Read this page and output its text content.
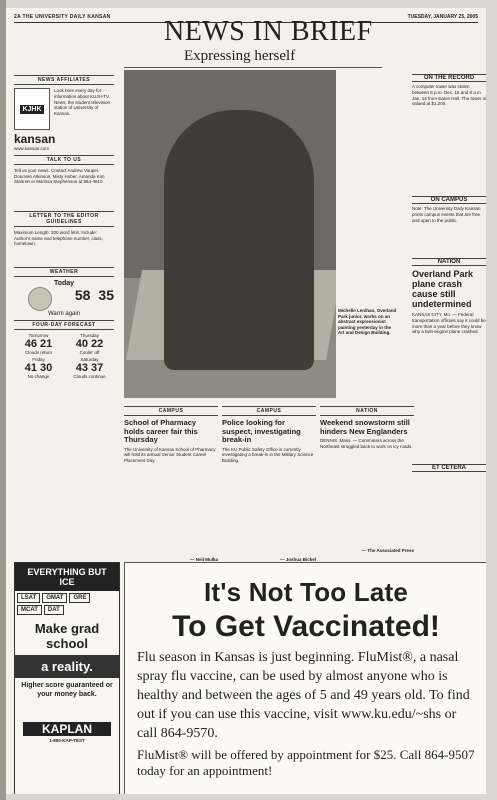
2A THE UNIVERSITY DAILY KANSAN	TUESDAY, JANUARY 25, 2005
NEWS IN BRIEF
Expressing herself
NEWS AFFILIATES
KJHK
Look here every day for information about KUJH-TV News, the student television station of University of Kansas.
kansan
www.kansan.com
TALK TO US
Tell us your news. Contact Andrew Vaupel, Donovan Atkinson, Misty Huber, Amanda Kim Stairrett or Marissa Stephenson at 864-4810.
LETTER TO THE EDITOR GUIDELINES
Maximum Length: 200 word limit. Include: Author's name and telephone number, class, hometown.
WEATHER
Today
58 35
Warm again
FOUR-DAY FORECAST
Tomorrow
46 21
Clouds return
Thursday
40 22
Coolin' off
Friday
41 30
No change
Saturday
43 37
Clouds continue
Michelle Lenihan, Overland Park junior, works on an abstract expressionist painting yesterday in the Art and Design Building.
ON THE RECORD
A computer tower was stolen between 6 p.m. Dec. 16 and 8 a.m. Jan. 14 from Eaton Hall. The tower is valued at $1,200.
ON CAMPUS
Note: The University Daily Kansan prints campus events that are free and open to the public.
NATION
Overland Park plane crash cause still undetermined
KANSAS CITY, Mo. — Federal transportation officials say it could be more than a year before they know why a twin-engine plane crashed.
ET CETERA
CAMPUS
School of Pharmacy holds career fair this Thursday
The University of Kansas School of Pharmacy will hold its annual Senior Student Career Placement Day.
— Neil Mulka
CAMPUS
Police looking for suspect, investigating break-in
The KU Public Safety Office is currently investigating a break-in in the Military Science Building.
— Joshua Bickel
NATION
Weekend snowstorm still hinders New Englanders
DENNIS, Mass. — Commuters across the Northeast struggled back to work on icy roads.
— The Associated Press
EVERYTHING BUT ICE
LSAT	GMAT	GRE
MCAT	DAT
Make grad school
a reality.
Higher score guaranteed or your money back.
KAPLAN
1-800-KAP-TEST
It's Not Too Late
To Get Vaccinated!
Flu season in Kansas is just beginning. FluMist®, a nasal spray flu vaccine, can be used by almost anyone who is healthy and between the ages of 5 and 49 years old. To find out if you can use this vaccine, visit www.ku.edu/~shs or call 864-9570.
FluMist® will be offered by appointment for $25. Call 864-9507 today for an appointment!
